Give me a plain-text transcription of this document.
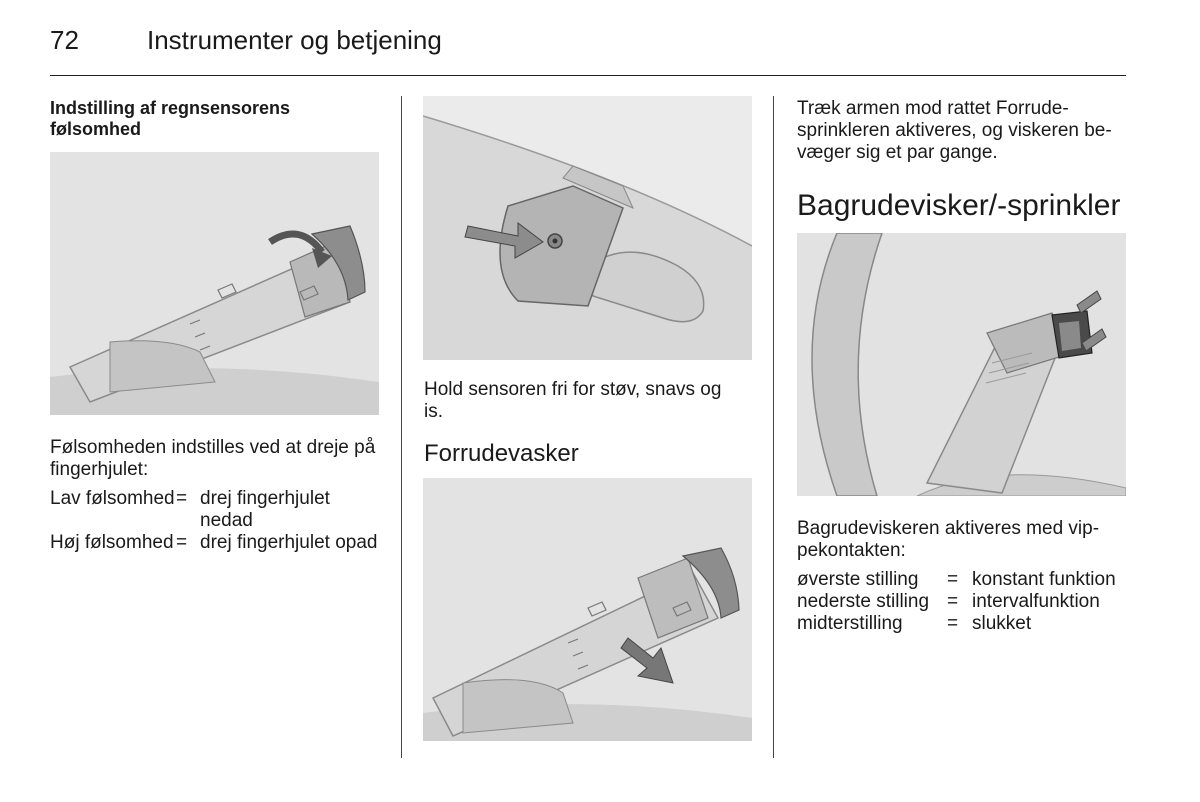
72	Instrumenter og betjening
Indstilling af regnsensorens følsomhed
Følsomheden indstilles ved at dreje på fingerhjulet:
Lav følsomhed	=	drej fingerhjulet nedad
Høj følsomhed	=	drej fingerhjulet opad
Hold sensoren fri for støv, snavs og is.
Forrudevasker
Træk armen mod rattet Forrude-sprinkleren aktiveres, og viskeren be-væger sig et par gange.
Bagrudevisker/-sprinkler
Bagrudeviskeren aktiveres med vip-pekontakten:
øverste stilling	=	konstant funktion
nederste stilling	=	intervalfunktion
midterstilling	=	slukket
